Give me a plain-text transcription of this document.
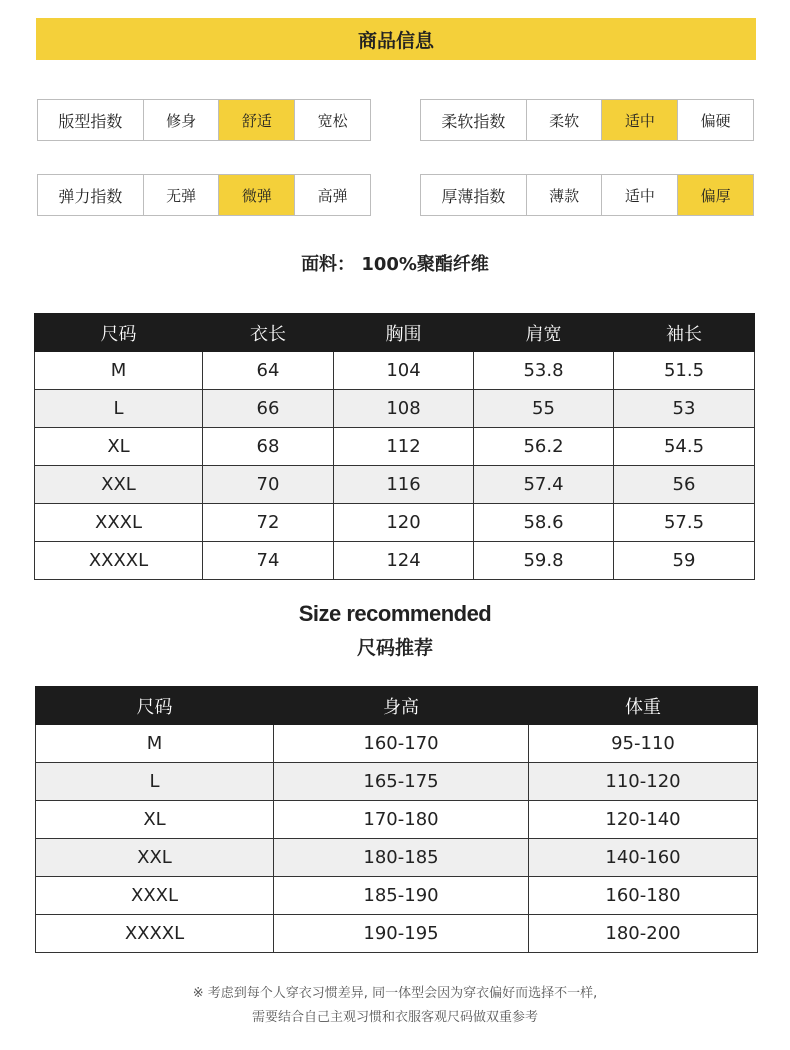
商品信息
版型指数	修身	舒适	宽松	柔软指数	柔软	适中	偏硬
弹力指数	无弹	微弹	高弹	厚薄指数	薄款	适中	偏厚
面料： 100%聚酯纤维
尺码	衣长	胸围	肩宽	袖长
M	64	104	53.8	51.5
L	66	108	55	53
XL	68	112	56.2	54.5
XXL	70	116	57.4	56
XXXL	72	120	58.6	57.5
XXXXL	74	124	59.8	59
Size recommended
尺码推荐
尺码	身高	体重
M	160-170	95-110
L	165-175	110-120
XL	170-180	120-140
XXL	180-185	140-160
XXXL	185-190	160-180
XXXXL	190-195	180-200
※ 考虑到每个人穿衣习惯差异, 同一体型会因为穿衣偏好而选择不一样,
需要结合自己主观习惯和衣服客观尺码做双重参考
